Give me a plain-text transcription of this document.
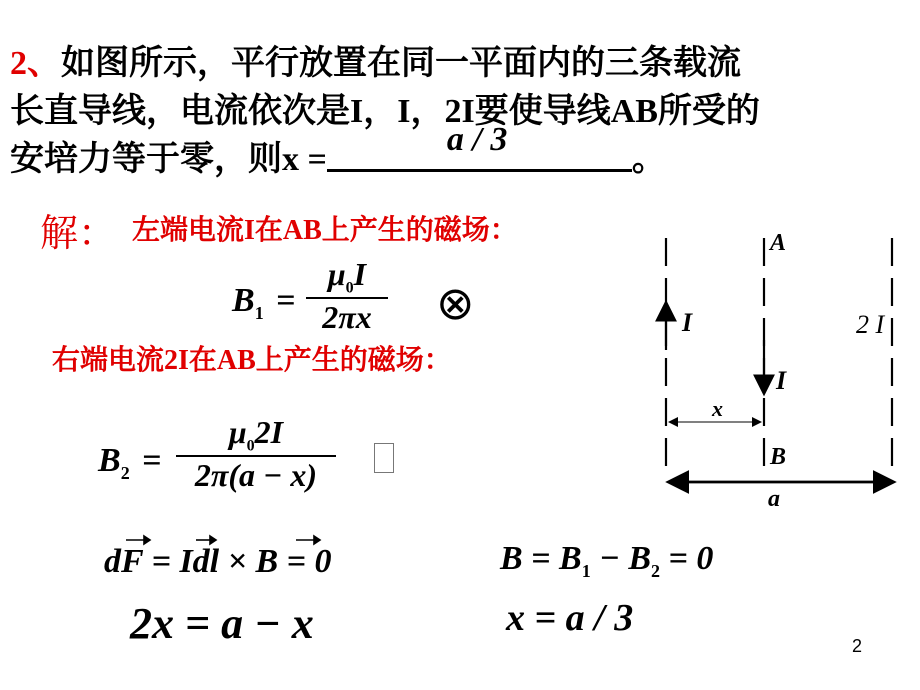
2、如图所示，平行放置在同一平面内的三条载流
长直导线，电流依次是I，I，2I要使导线AB所受的
安培力等于零，则x =
a / 3
。
解： 左端电流I在AB上产生的磁场：
$B_1$ =
$\mu_0I$
2πx	⊗
右端电流2I在AB上产生的磁场：
$B_2$ =
$\mu_02I$
2π(a − x)
dF = Idl × B = 0	$B = B_1 - B_2 = 0$
2x = a − x	x = a / 3
A
I
I
2 I
x
B
a
2
